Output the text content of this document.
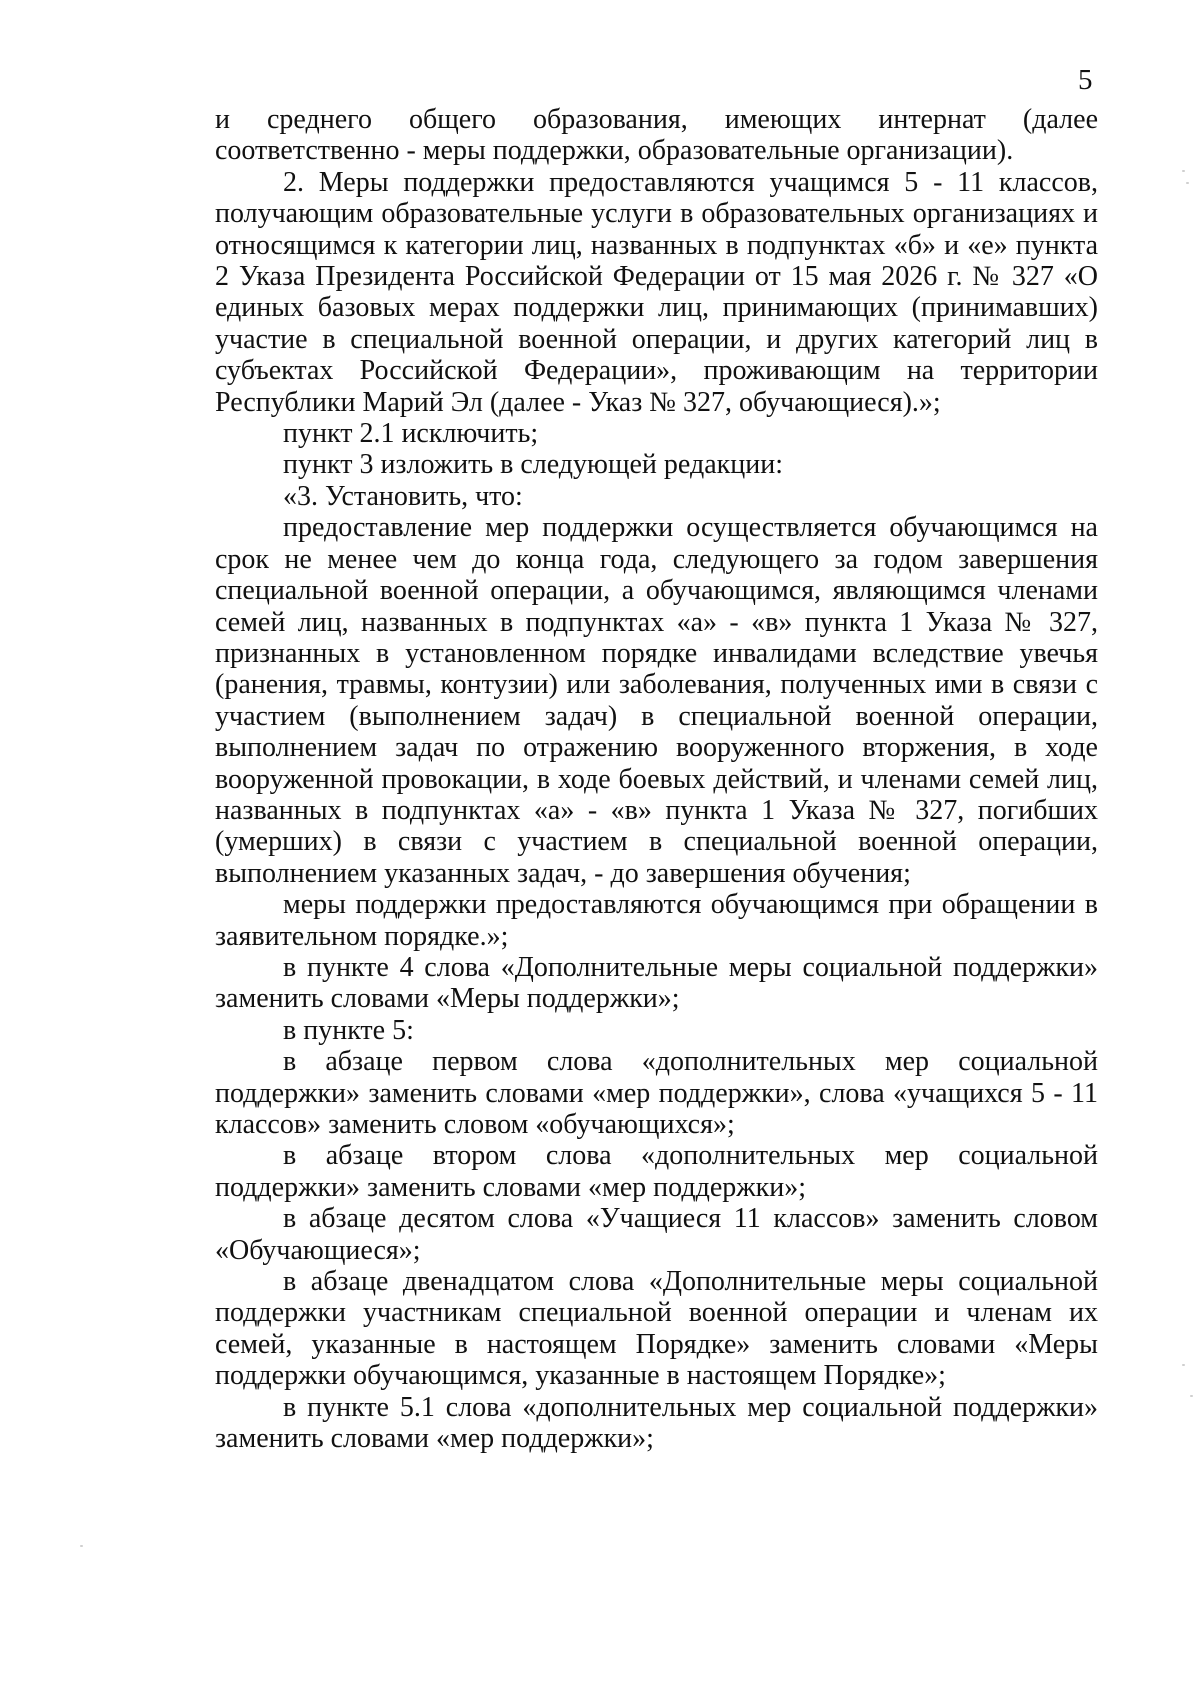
5

и среднего общего образования, имеющих интернат (далее соответственно - меры поддержки, образовательные организации).

2. Меры поддержки предоставляются учащимся 5 - 11 классов, получающим образовательные услуги в образовательных организациях и относящимся к категории лиц, названных в подпунктах «б» и «е» пункта 2 Указа Президента Российской Федерации от 15 мая 2026 г. № 327 «О единых базовых мерах поддержки лиц, принимающих (принимавших) участие в специальной военной операции, и других категорий лиц в субъектах Российской Федерации», проживающим на территории Республики Марий Эл (далее - Указ № 327, обучающиеся).»;

пункт 2.1 исключить;

пункт 3 изложить в следующей редакции:

«3. Установить, что:

предоставление мер поддержки осуществляется обучающимся на срок не менее чем до конца года, следующего за годом завершения специальной военной операции, а обучающимся, являющимся членами семей лиц, названных в подпунктах «а» - «в» пункта 1 Указа № 327, признанных в установленном порядке инвалидами вследствие увечья (ранения, травмы, контузии) или заболевания, полученных ими в связи с участием (выполнением задач) в специальной военной операции, выполнением задач по отражению вооруженного вторжения, в ходе вооруженной провокации, в ходе боевых действий, и членами семей лиц, названных в подпунктах «а» - «в» пункта 1 Указа № 327, погибших (умерших) в связи с участием в специальной военной операции, выполнением указанных задач, - до завершения обучения;

меры поддержки предоставляются обучающимся при обращении в заявительном порядке.»;

в пункте 4 слова «Дополнительные меры социальной поддержки» заменить словами «Меры поддержки»;

в пункте 5:

в абзаце первом слова «дополнительных мер социальной поддержки» заменить словами «мер поддержки», слова «учащихся 5 - 11 классов» заменить словом «обучающихся»;

в абзаце втором слова «дополнительных мер социальной поддержки» заменить словами «мер поддержки»;

в абзаце десятом слова «Учащиеся 11 классов» заменить словом «Обучающиеся»;

в абзаце двенадцатом слова «Дополнительные меры социальной поддержки участникам специальной военной операции и членам их семей, указанные в настоящем Порядке» заменить словами «Меры поддержки обучающимся, указанные в настоящем Порядке»;

в пункте 5.1 слова «дополнительных мер социальной поддержки» заменить словами «мер поддержки»;
